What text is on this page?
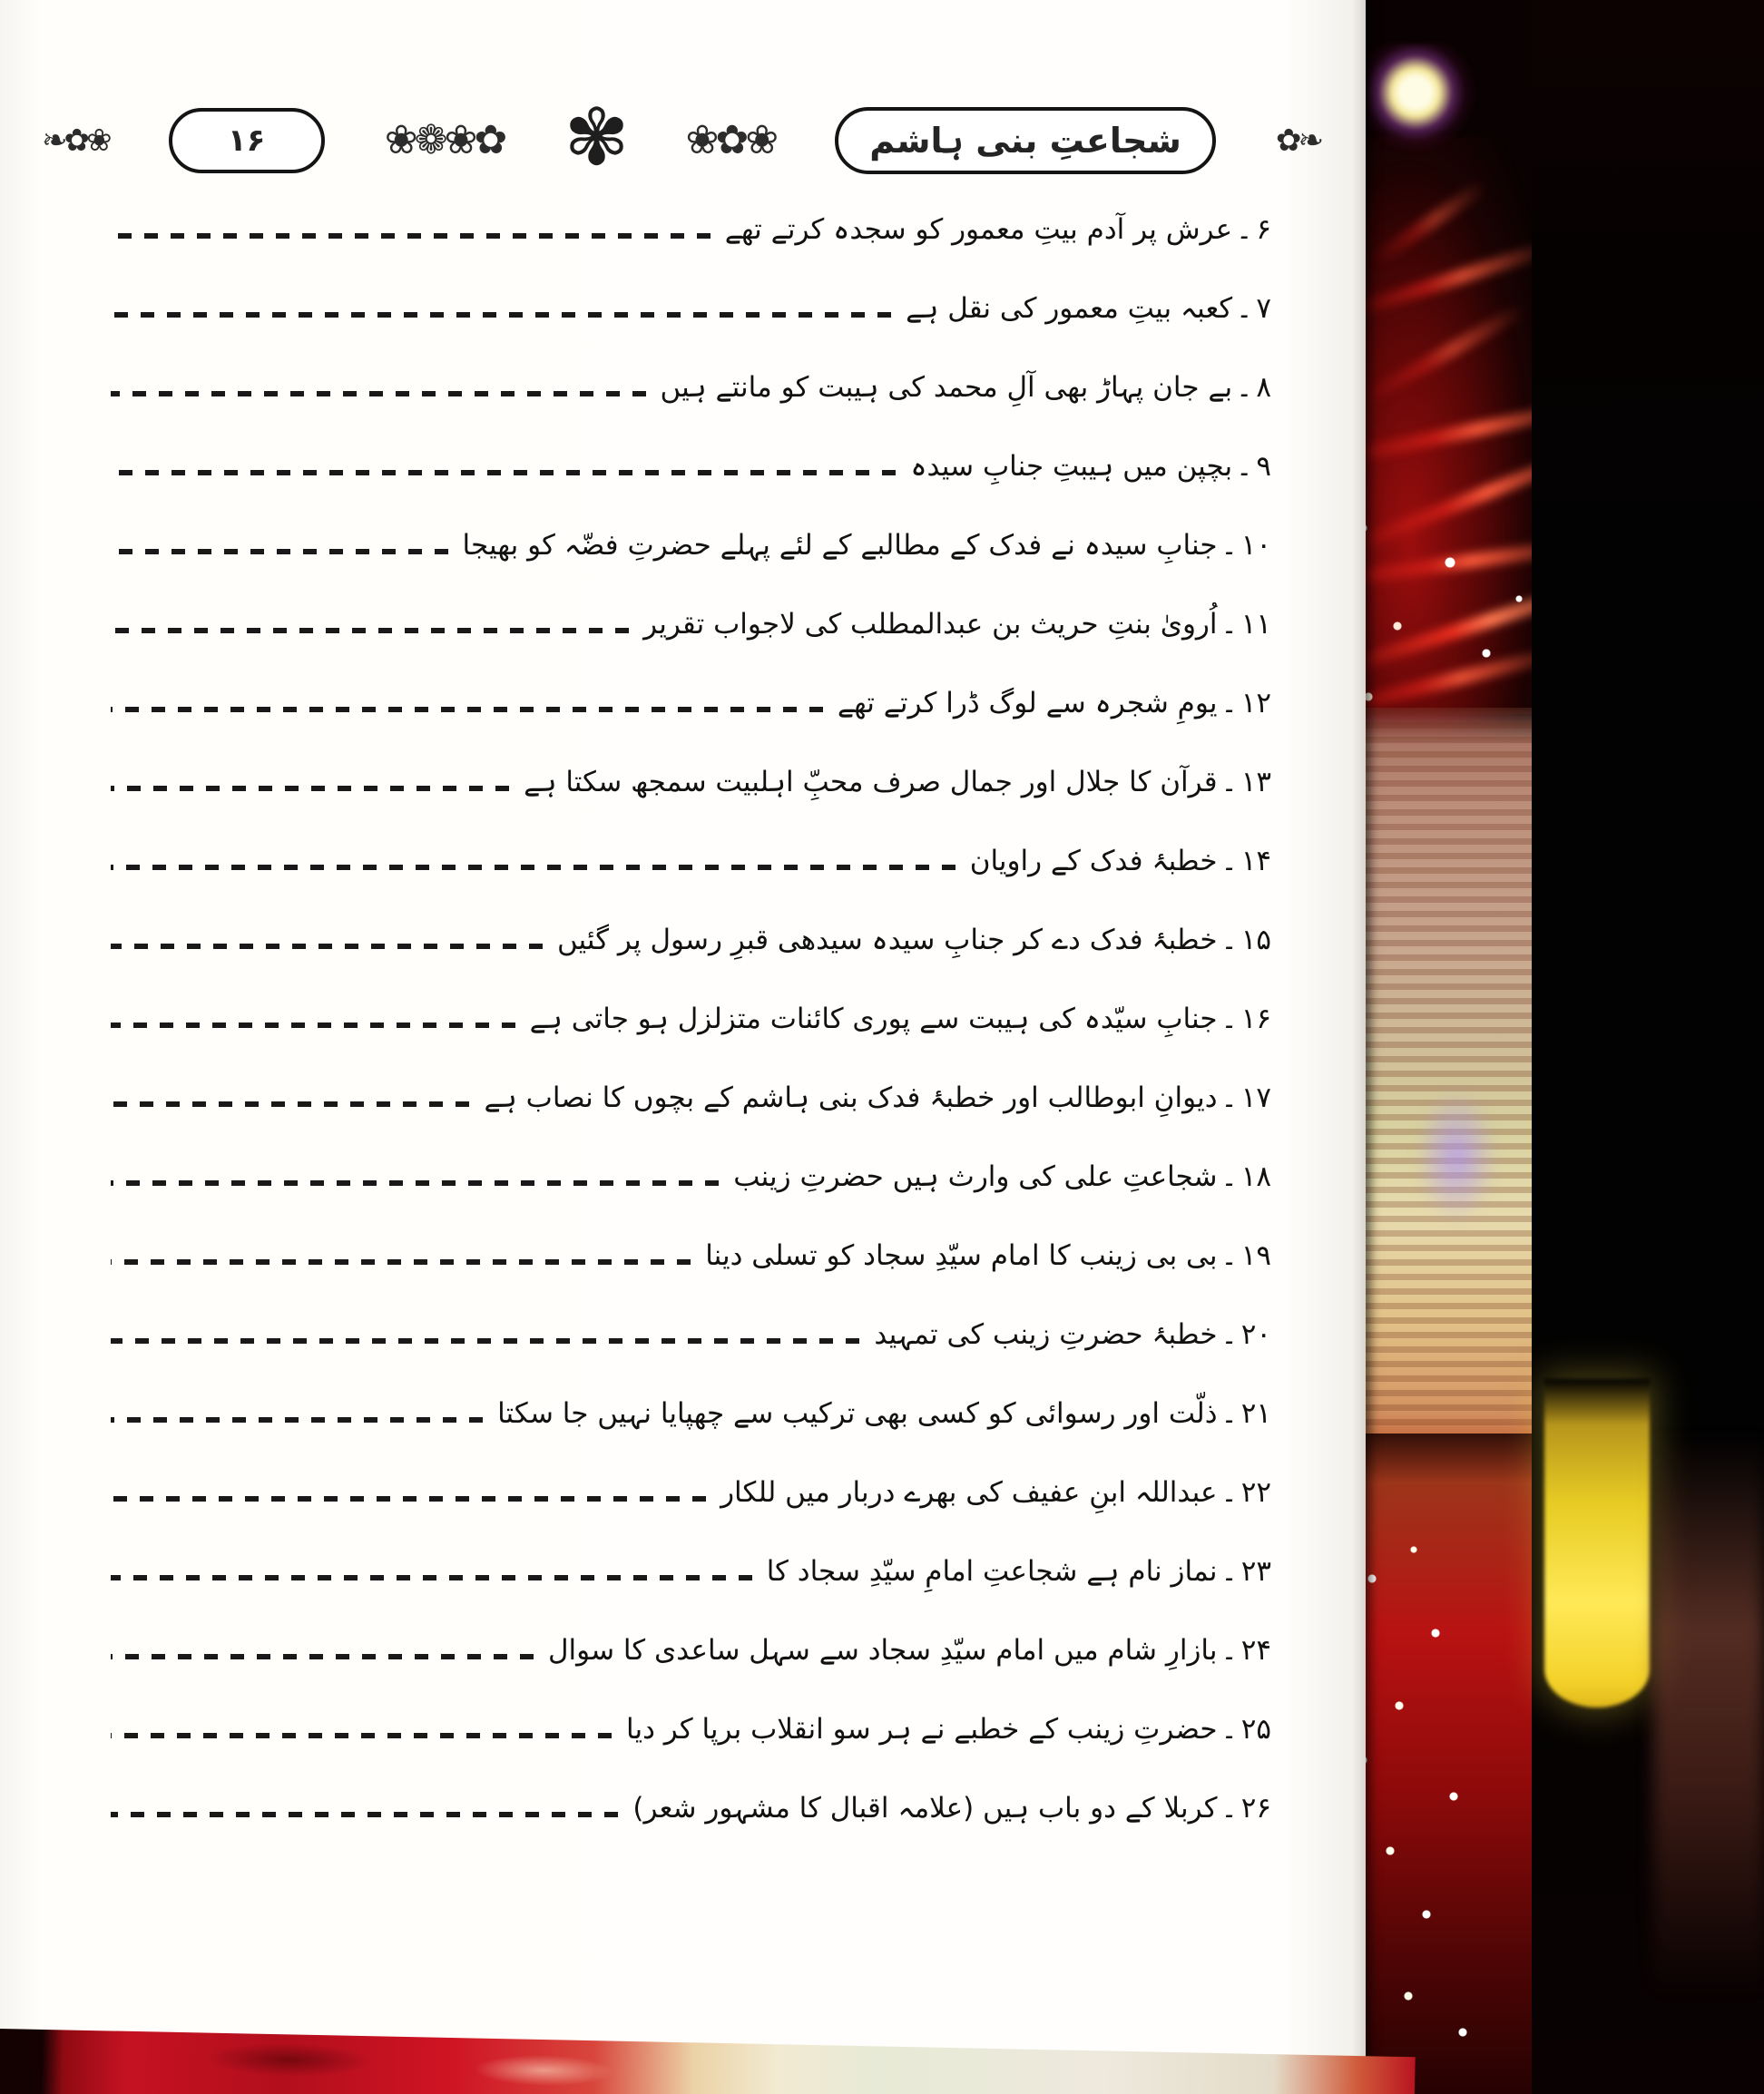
❧✿
شجاعتِ بنی ہاشم
❀✿❀
✾
✿❀❁❀
۱۶
❀✿❧
۶۔عرش پر آدم بیتِ معمور کو سجدہ کرتے تھے
۷۔کعبہ بیتِ معمور کی نقل ہے
۸۔بے جان پہاڑ بھی آلِ محمد کی ہیبت کو مانتے ہیں
۹۔بچپن میں ہیبتِ جنابِ سیدہ
۱۰۔جنابِ سیدہ نے فدک کے مطالبے کے لئے پہلے حضرتِ فضّہ کو بھیجا
۱۱۔اُرویٰ بنتِ حریث بن عبدالمطلب کی لاجواب تقریر
۱۲۔یومِ شجرہ سے لوگ ڈرا کرتے تھے
۱۳۔قرآن کا جلال اور جمال صرف محبِّ اہلبیت سمجھ سکتا ہے
۱۴۔خطبۂ فدک کے راویان
۱۵۔خطبۂ فدک دے کر جنابِ سیدہ سیدھی قبرِ رسول پر گئیں
۱۶۔جنابِ سیّدہ کی ہیبت سے پوری کائنات متزلزل ہو جاتی ہے
۱۷۔دیوانِ ابوطالب اور خطبۂ فدک بنی ہاشم کے بچوں کا نصاب ہے
۱۸۔شجاعتِ علی کی وارث ہیں حضرتِ زینب
۱۹۔بی بی زینب کا امام سیّدِ سجاد کو تسلی دینا
۲۰۔خطبۂ حضرتِ زینب کی تمہید
۲۱۔ذلّت اور رسوائی کو کسی بھی ترکیب سے چھپایا نہیں جا سکتا
۲۲۔عبداللہ ابنِ عفیف کی بھرے دربار میں للکار
۲۳۔نماز نام ہے شجاعتِ امامِ سیّدِ سجاد کا
۲۴۔بازارِ شام میں امام سیّدِ سجاد سے سہل ساعدی کا سوال
۲۵۔حضرتِ زینب کے خطبے نے ہر سو انقلاب برپا کر دیا
۲۶۔کربلا کے دو باب ہیں (علامہ اقبال کا مشہور شعر)
